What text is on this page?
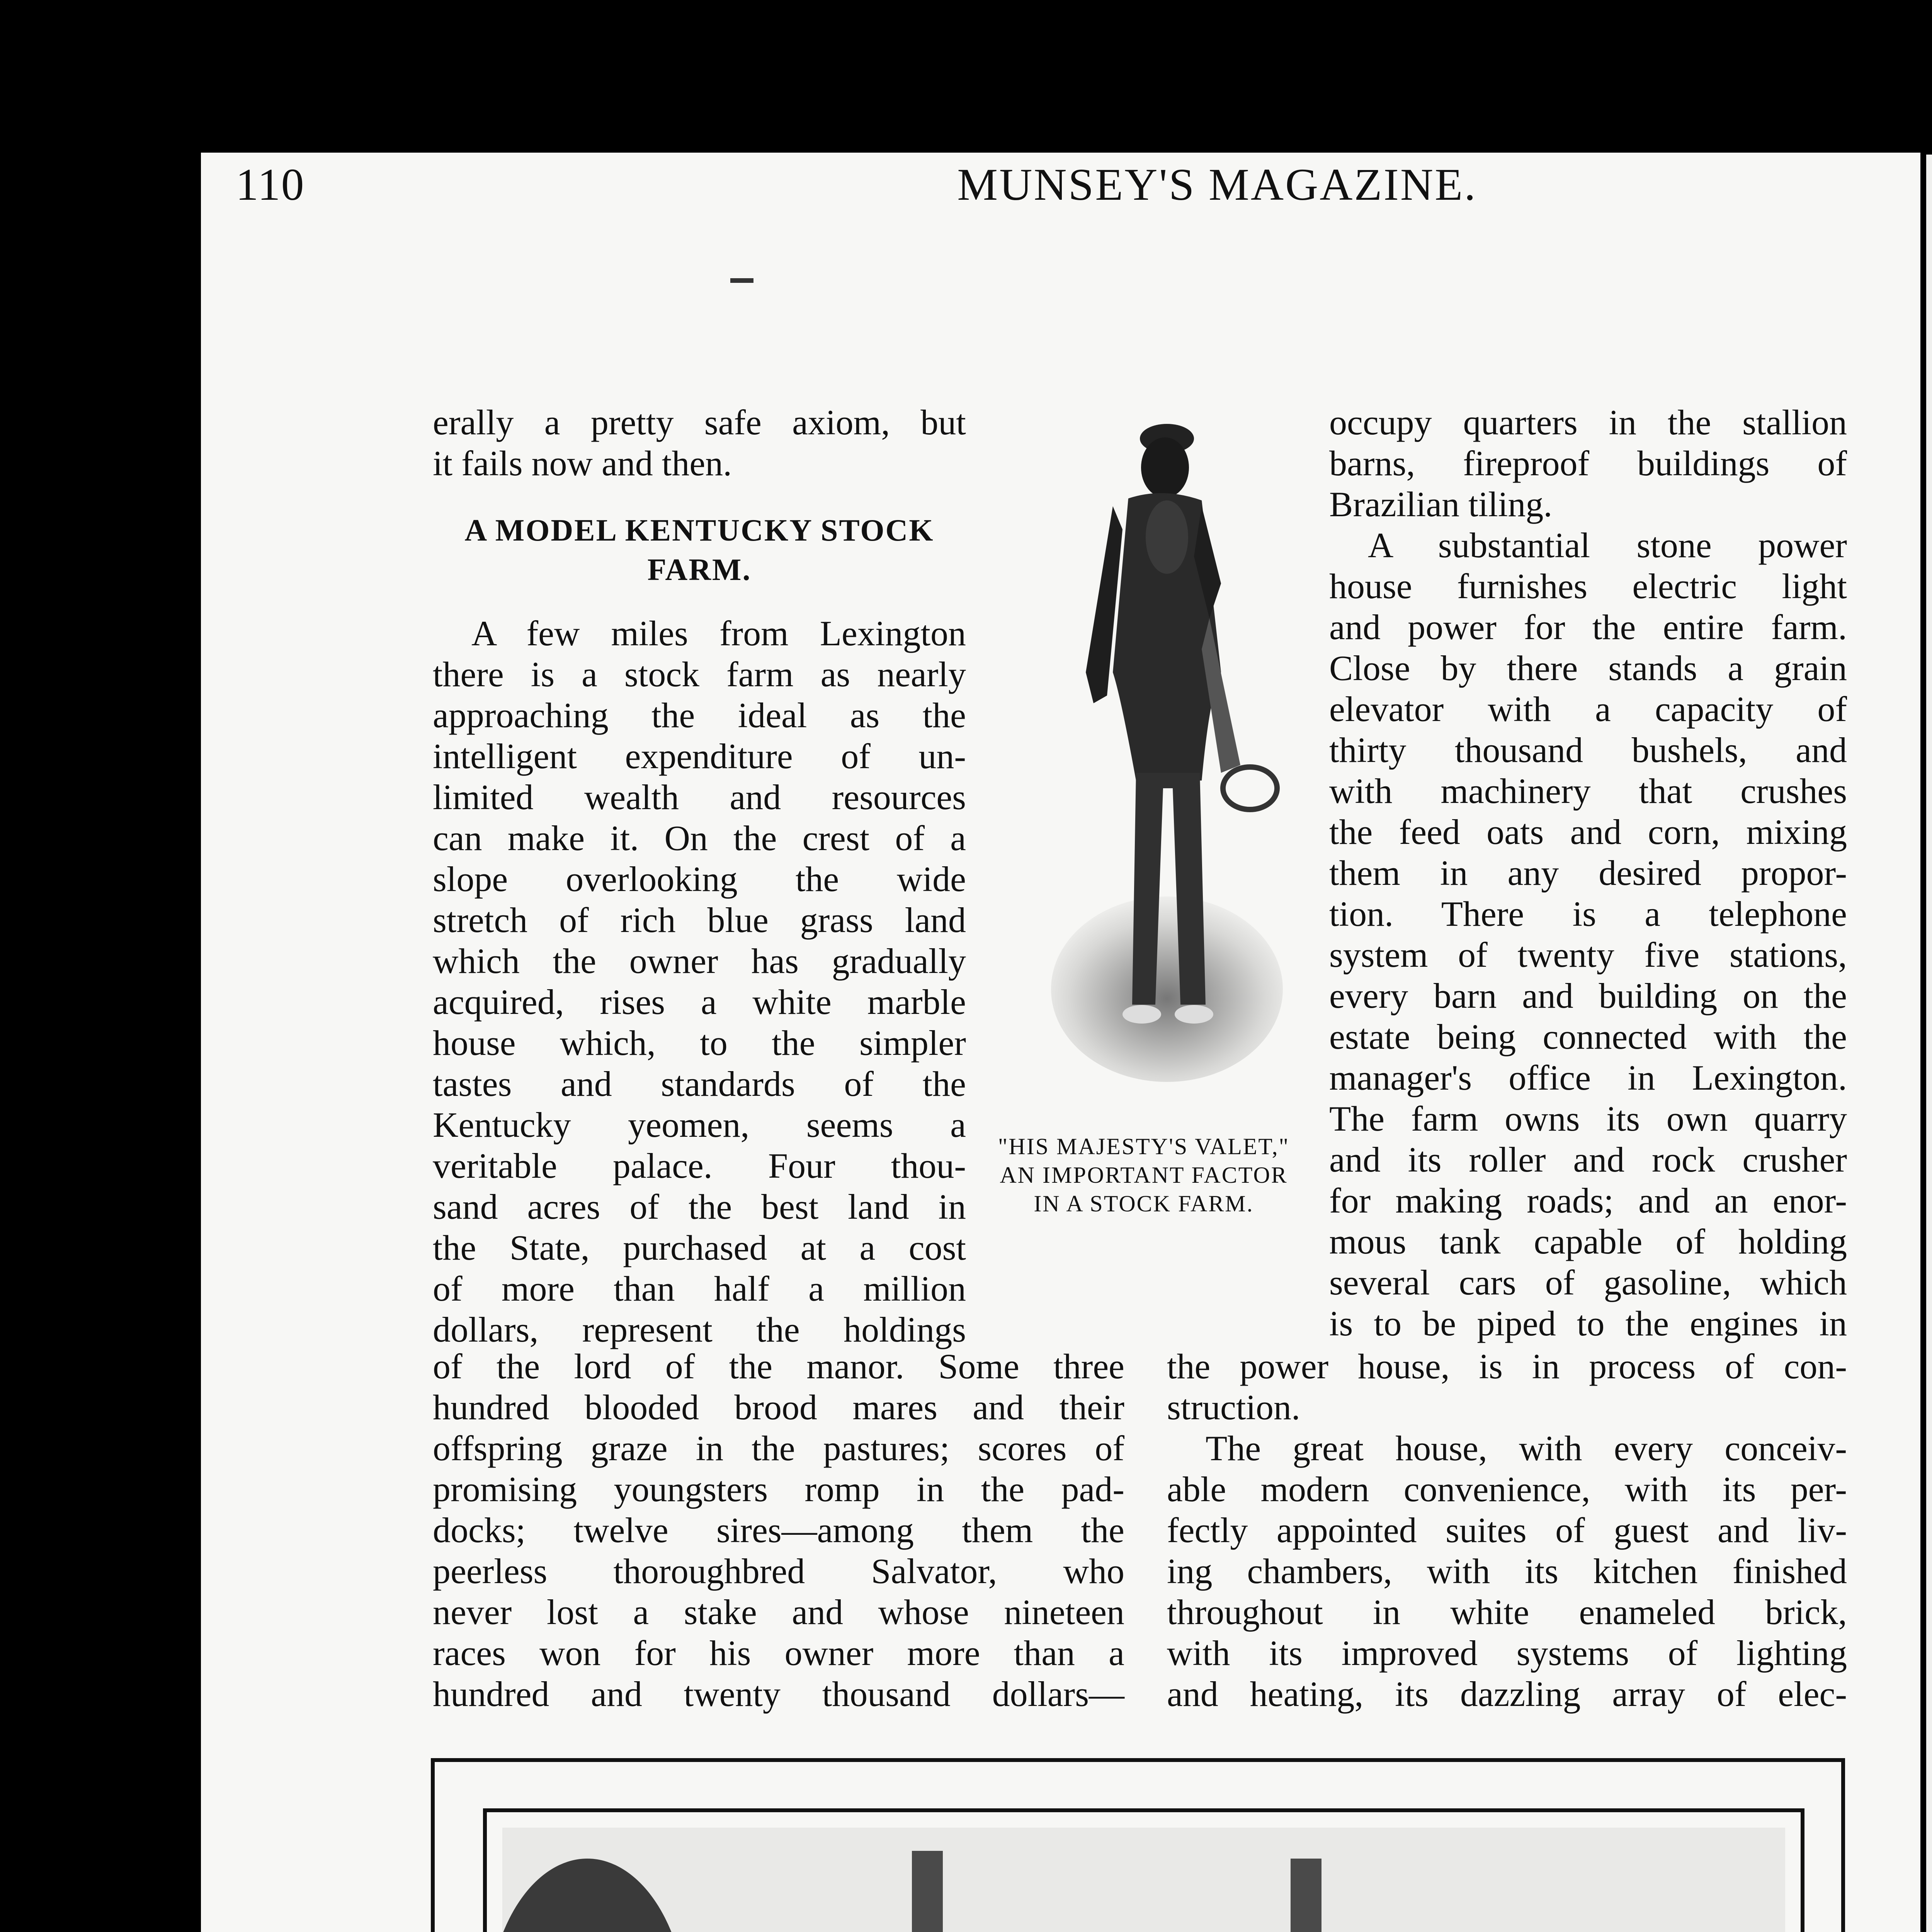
110	MUNSEY'S MAGAZINE.
erally a pretty safe axiom, but
it fails now and then.
A MODEL KENTUCKY STOCK FARM.
A few miles from Lexington
there is a stock farm as nearly
approaching the ideal as the
intelligent expenditure of un-
limited wealth and resources
can make it. On the crest of a
slope overlooking the wide
stretch of rich blue grass land
which the owner has gradually
acquired, rises a white marble
house which, to the simpler
tastes and standards of the
Kentucky yeomen, seems a
veritable palace. Four thou-
sand acres of the best land in
the State, purchased at a cost
of more than half a million
dollars, represent the holdings
"HIS MAJESTY'S VALET," AN IMPORTANT FACTOR IN A STOCK FARM.
occupy quarters in the stallion
barns, fireproof buildings of
Brazilian tiling.
A substantial stone power
house furnishes electric light
and power for the entire farm.
Close by there stands a grain
elevator with a capacity of
thirty thousand bushels, and
with machinery that crushes
the feed oats and corn, mixing
them in any desired propor-
tion. There is a telephone
system of twenty five stations,
every barn and building on the
estate being connected with the
manager's office in Lexington.
The farm owns its own quarry
and its roller and rock crusher
for making roads; and an enor-
mous tank capable of holding
several cars of gasoline, which
is to be piped to the engines in
of the lord of the manor. Some three
hundred blooded brood mares and their
offspring graze in the pastures; scores of
promising youngsters romp in the pad-
docks; twelve sires—among them the
peerless thoroughbred Salvator, who
never lost a stake and whose nineteen
races won for his owner more than a
hundred and twenty thousand dollars—
the power house, is in process of con-
struction.
The great house, with every conceiv-
able modern convenience, with its per-
fectly appointed suites of guest and liv-
ing chambers, with its kitchen finished
throughout in white enameled brick,
with its improved systems of lighting
and heating, its dazzling array of elec-
